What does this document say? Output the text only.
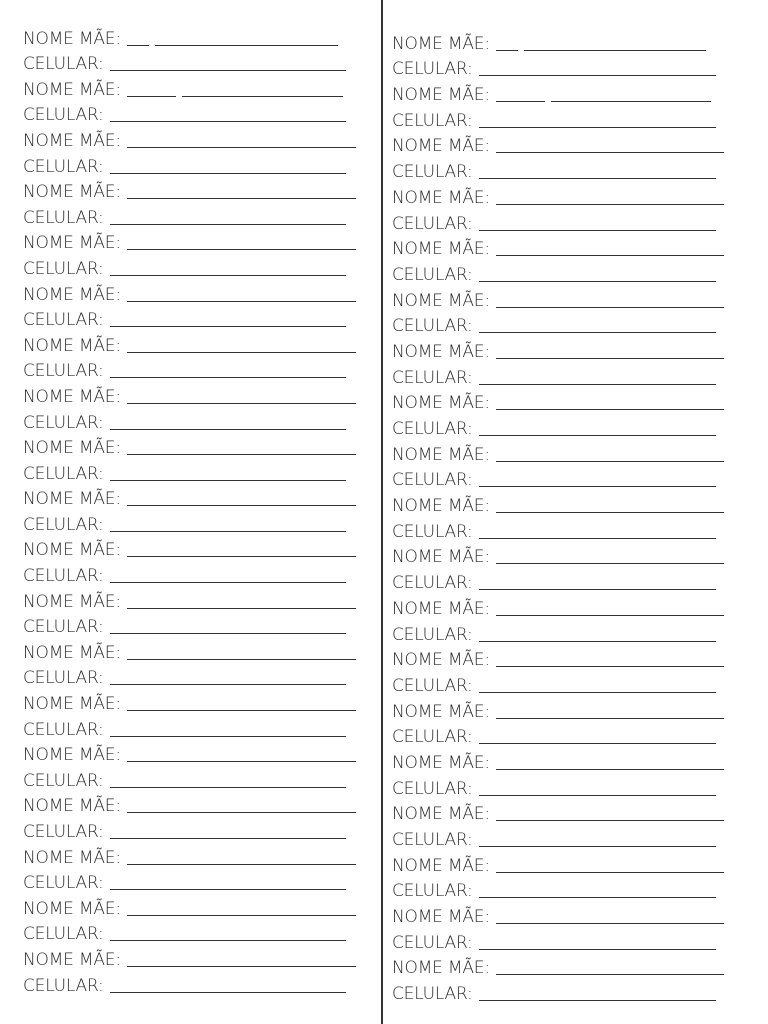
NOME MÃE:
CELULAR:
NOME MÃE:
CELULAR:
NOME MÃE:
CELULAR:
NOME MÃE:
CELULAR:
NOME MÃE:
CELULAR:
NOME MÃE:
CELULAR:
NOME MÃE:
CELULAR:
NOME MÃE:
CELULAR:
NOME MÃE:
CELULAR:
NOME MÃE:
CELULAR:
NOME MÃE:
CELULAR:
NOME MÃE:
CELULAR:
NOME MÃE:
CELULAR:
NOME MÃE:
CELULAR:
NOME MÃE:
CELULAR:
NOME MÃE:
CELULAR:
NOME MÃE:
CELULAR:
NOME MÃE:
CELULAR:
NOME MÃE:
CELULAR:
NOME MÃE:
CELULAR:
NOME MÃE:
CELULAR:
NOME MÃE:
CELULAR:
NOME MÃE:
CELULAR:
NOME MÃE:
CELULAR:
NOME MÃE:
CELULAR:
NOME MÃE:
CELULAR:
NOME MÃE:
CELULAR:
NOME MÃE:
CELULAR:
NOME MÃE:
CELULAR:
NOME MÃE:
CELULAR:
NOME MÃE:
CELULAR:
NOME MÃE:
CELULAR:
NOME MÃE:
CELULAR:
NOME MÃE:
CELULAR:
NOME MÃE:
CELULAR:
NOME MÃE:
CELULAR:
NOME MÃE:
CELULAR:
NOME MÃE:
CELULAR:
